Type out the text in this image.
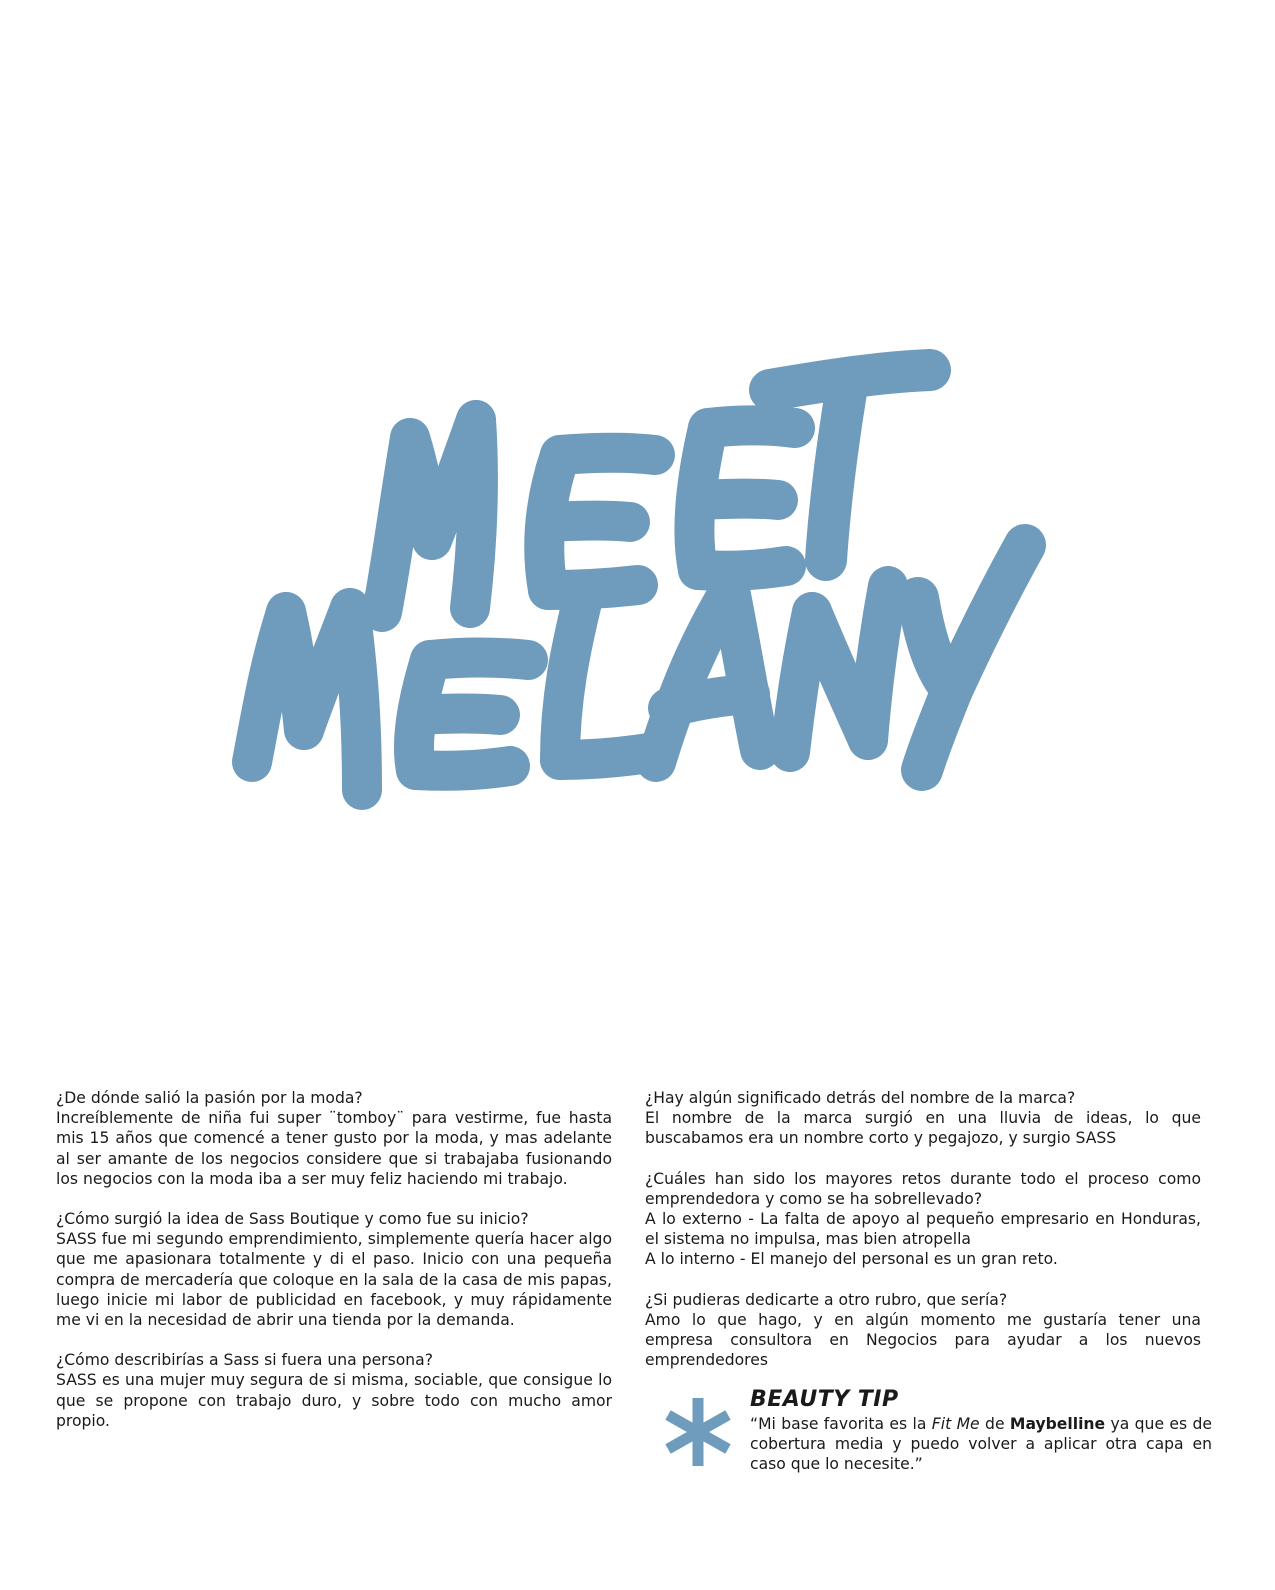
¿De dónde salió la pasión por la moda?
Increíblemente de niña fui super ¨tomboy¨ para vestirme, fue hasta mis 15 años que comencé a tener gusto por la moda, y mas adelante al ser amante de los negocios considere que si trabajaba fusionando los negocios con la moda iba a ser muy feliz haciendo mi trabajo.
¿Cómo surgió la idea de Sass Boutique y como fue su inicio?
SASS fue mi segundo emprendimiento, simplemente quería hacer algo que me apasionara totalmente y di el paso. Inicio con una pequeña compra de mercadería que coloque en la sala de la casa de mis papas, luego inicie mi labor de publicidad en facebook, y muy rápidamente me vi en la necesidad de abrir una tienda por la demanda.
¿Cómo describirías a Sass si fuera una persona?
SASS es una mujer muy segura de si misma, sociable, que consigue lo que se propone con trabajo duro, y sobre todo con mucho amor propio.
¿Hay algún significado detrás del nombre de la marca?
El nombre de la marca surgió en una lluvia de ideas, lo que buscabamos era un nombre corto y pegajozo, y surgio SASS
¿Cuáles han sido los mayores retos durante todo el proceso como emprendedora y como se ha sobrellevado?
A lo externo - La falta de apoyo al pequeño empresario en Honduras, el sistema no impulsa, mas bien atropella
A lo interno - El manejo del personal es un gran reto.
¿Si pudieras dedicarte a otro rubro, que sería?
Amo lo que hago, y en algún momento me gustaría tener una empresa consultora en Negocios para ayudar a los nuevos emprendedores
BEAUTY TIP
“Mi base favorita es la Fit Me de Maybelline ya que es de cobertura media y puedo volver a aplicar otra capa en caso que lo necesite.”
